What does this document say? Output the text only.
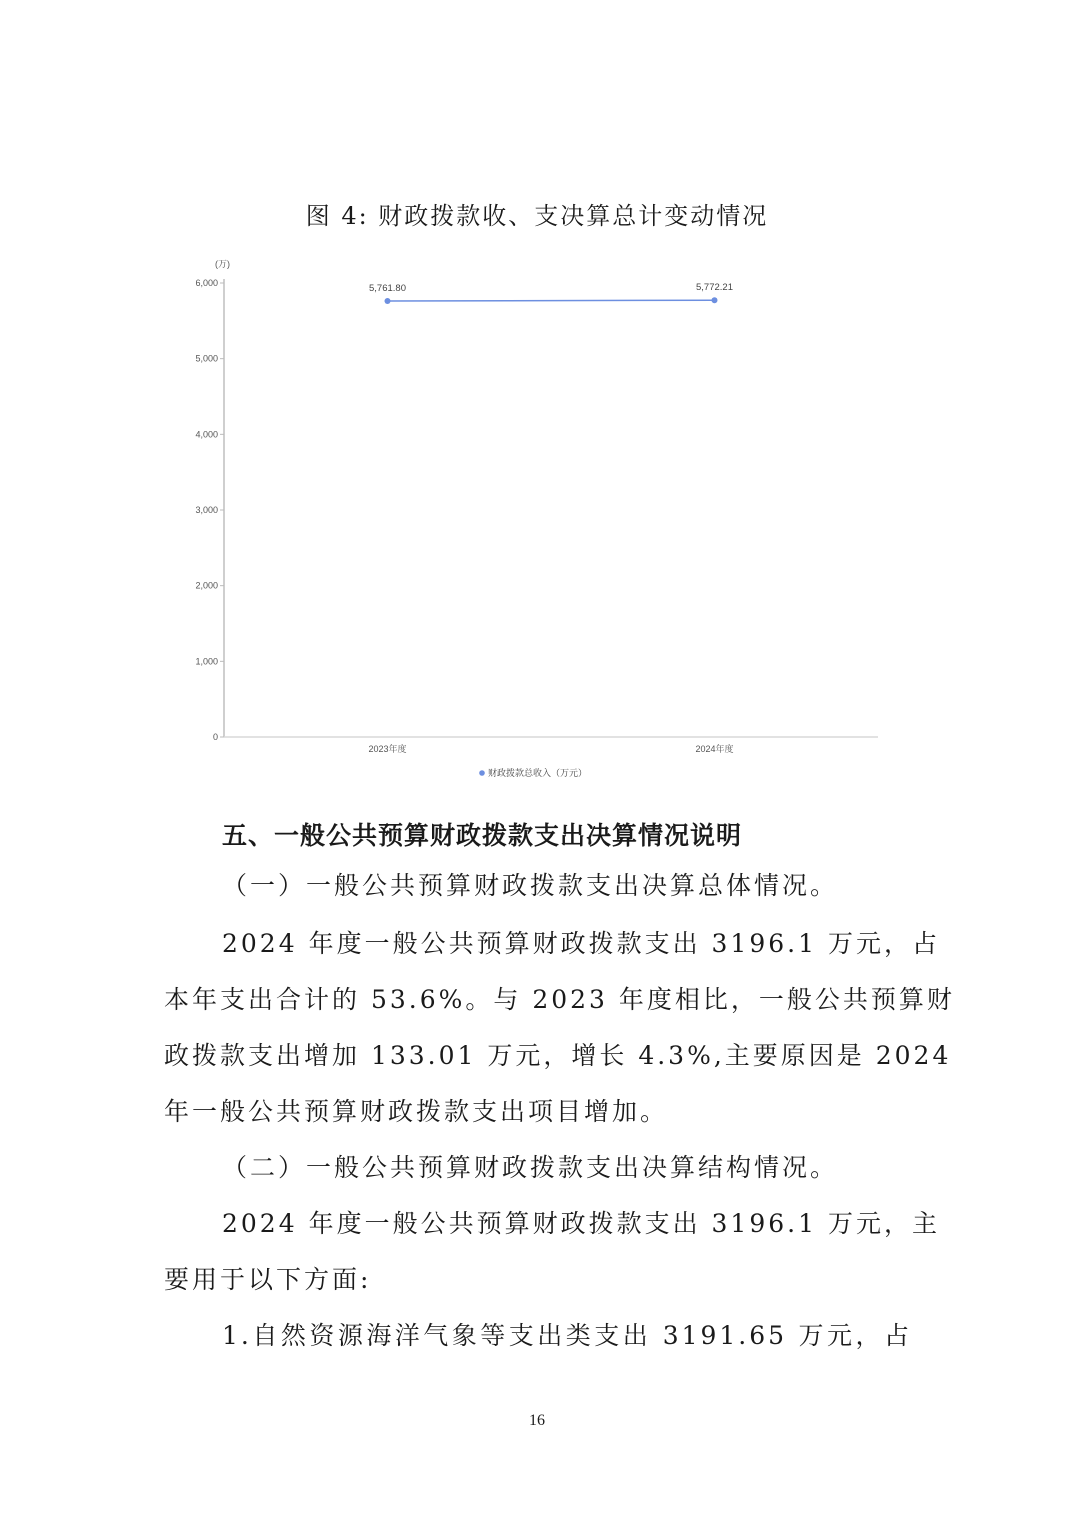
图 4: 财政拨款收、支决算总计变动情况
(万)
0
1,000
2,000
3,000
4,000
5,000
6,000
2023年度	2024年度
5,761.80	5,772.21
财政拨款总收入（万元）
五、一般公共预算财政拨款支出决算情况说明
（一）一般公共预算财政拨款支出决算总体情况。
2024 年度一般公共预算财政拨款支出 3196.1 万元，占
本年支出合计的 53.6%。与 2023 年度相比，一般公共预算财
政拨款支出增加 133.01 万元，增长 4.3%,主要原因是 2024
年一般公共预算财政拨款支出项目增加。
（二）一般公共预算财政拨款支出决算结构情况。
2024 年度一般公共预算财政拨款支出 3196.1 万元，主
要用于以下方面:
1.自然资源海洋气象等支出类支出 3191.65 万元，占
16
